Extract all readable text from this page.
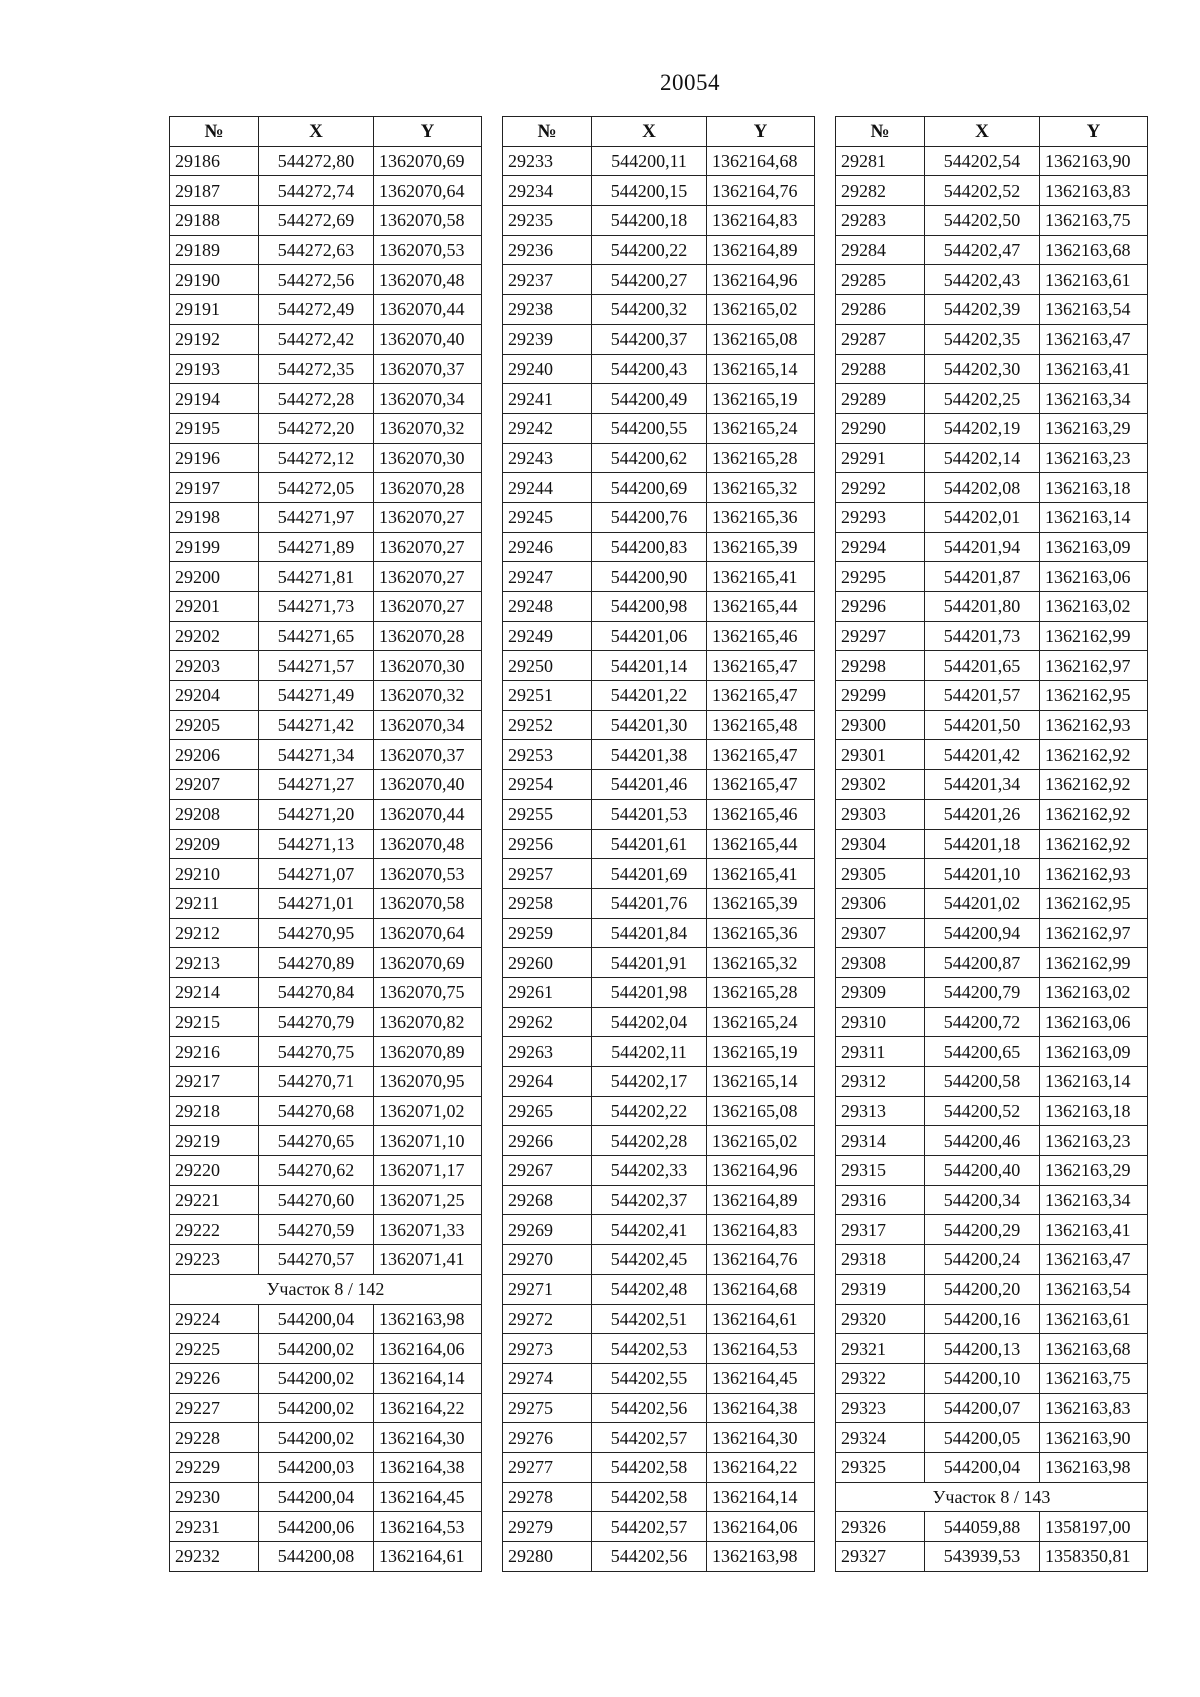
20054
№	X	Y
29186	544272,80	1362070,69
29187	544272,74	1362070,64
29188	544272,69	1362070,58
29189	544272,63	1362070,53
29190	544272,56	1362070,48
29191	544272,49	1362070,44
29192	544272,42	1362070,40
29193	544272,35	1362070,37
29194	544272,28	1362070,34
29195	544272,20	1362070,32
29196	544272,12	1362070,30
29197	544272,05	1362070,28
29198	544271,97	1362070,27
29199	544271,89	1362070,27
29200	544271,81	1362070,27
29201	544271,73	1362070,27
29202	544271,65	1362070,28
29203	544271,57	1362070,30
29204	544271,49	1362070,32
29205	544271,42	1362070,34
29206	544271,34	1362070,37
29207	544271,27	1362070,40
29208	544271,20	1362070,44
29209	544271,13	1362070,48
29210	544271,07	1362070,53
29211	544271,01	1362070,58
29212	544270,95	1362070,64
29213	544270,89	1362070,69
29214	544270,84	1362070,75
29215	544270,79	1362070,82
29216	544270,75	1362070,89
29217	544270,71	1362070,95
29218	544270,68	1362071,02
29219	544270,65	1362071,10
29220	544270,62	1362071,17
29221	544270,60	1362071,25
29222	544270,59	1362071,33
29223	544270,57	1362071,41
Участок 8 / 142		
29224	544200,04	1362163,98
29225	544200,02	1362164,06
29226	544200,02	1362164,14
29227	544200,02	1362164,22
29228	544200,02	1362164,30
29229	544200,03	1362164,38
29230	544200,04	1362164,45
29231	544200,06	1362164,53
29232	544200,08	1362164,61
№	X	Y
29233	544200,11	1362164,68
29234	544200,15	1362164,76
29235	544200,18	1362164,83
29236	544200,22	1362164,89
29237	544200,27	1362164,96
29238	544200,32	1362165,02
29239	544200,37	1362165,08
29240	544200,43	1362165,14
29241	544200,49	1362165,19
29242	544200,55	1362165,24
29243	544200,62	1362165,28
29244	544200,69	1362165,32
29245	544200,76	1362165,36
29246	544200,83	1362165,39
29247	544200,90	1362165,41
29248	544200,98	1362165,44
29249	544201,06	1362165,46
29250	544201,14	1362165,47
29251	544201,22	1362165,47
29252	544201,30	1362165,48
29253	544201,38	1362165,47
29254	544201,46	1362165,47
29255	544201,53	1362165,46
29256	544201,61	1362165,44
29257	544201,69	1362165,41
29258	544201,76	1362165,39
29259	544201,84	1362165,36
29260	544201,91	1362165,32
29261	544201,98	1362165,28
29262	544202,04	1362165,24
29263	544202,11	1362165,19
29264	544202,17	1362165,14
29265	544202,22	1362165,08
29266	544202,28	1362165,02
29267	544202,33	1362164,96
29268	544202,37	1362164,89
29269	544202,41	1362164,83
29270	544202,45	1362164,76
29271	544202,48	1362164,68
29272	544202,51	1362164,61
29273	544202,53	1362164,53
29274	544202,55	1362164,45
29275	544202,56	1362164,38
29276	544202,57	1362164,30
29277	544202,58	1362164,22
29278	544202,58	1362164,14
29279	544202,57	1362164,06
29280	544202,56	1362163,98
№	X	Y
29281	544202,54	1362163,90
29282	544202,52	1362163,83
29283	544202,50	1362163,75
29284	544202,47	1362163,68
29285	544202,43	1362163,61
29286	544202,39	1362163,54
29287	544202,35	1362163,47
29288	544202,30	1362163,41
29289	544202,25	1362163,34
29290	544202,19	1362163,29
29291	544202,14	1362163,23
29292	544202,08	1362163,18
29293	544202,01	1362163,14
29294	544201,94	1362163,09
29295	544201,87	1362163,06
29296	544201,80	1362163,02
29297	544201,73	1362162,99
29298	544201,65	1362162,97
29299	544201,57	1362162,95
29300	544201,50	1362162,93
29301	544201,42	1362162,92
29302	544201,34	1362162,92
29303	544201,26	1362162,92
29304	544201,18	1362162,92
29305	544201,10	1362162,93
29306	544201,02	1362162,95
29307	544200,94	1362162,97
29308	544200,87	1362162,99
29309	544200,79	1362163,02
29310	544200,72	1362163,06
29311	544200,65	1362163,09
29312	544200,58	1362163,14
29313	544200,52	1362163,18
29314	544200,46	1362163,23
29315	544200,40	1362163,29
29316	544200,34	1362163,34
29317	544200,29	1362163,41
29318	544200,24	1362163,47
29319	544200,20	1362163,54
29320	544200,16	1362163,61
29321	544200,13	1362163,68
29322	544200,10	1362163,75
29323	544200,07	1362163,83
29324	544200,05	1362163,90
29325	544200,04	1362163,98
Участок 8 / 143		
29326	544059,88	1358197,00
29327	543939,53	1358350,81
